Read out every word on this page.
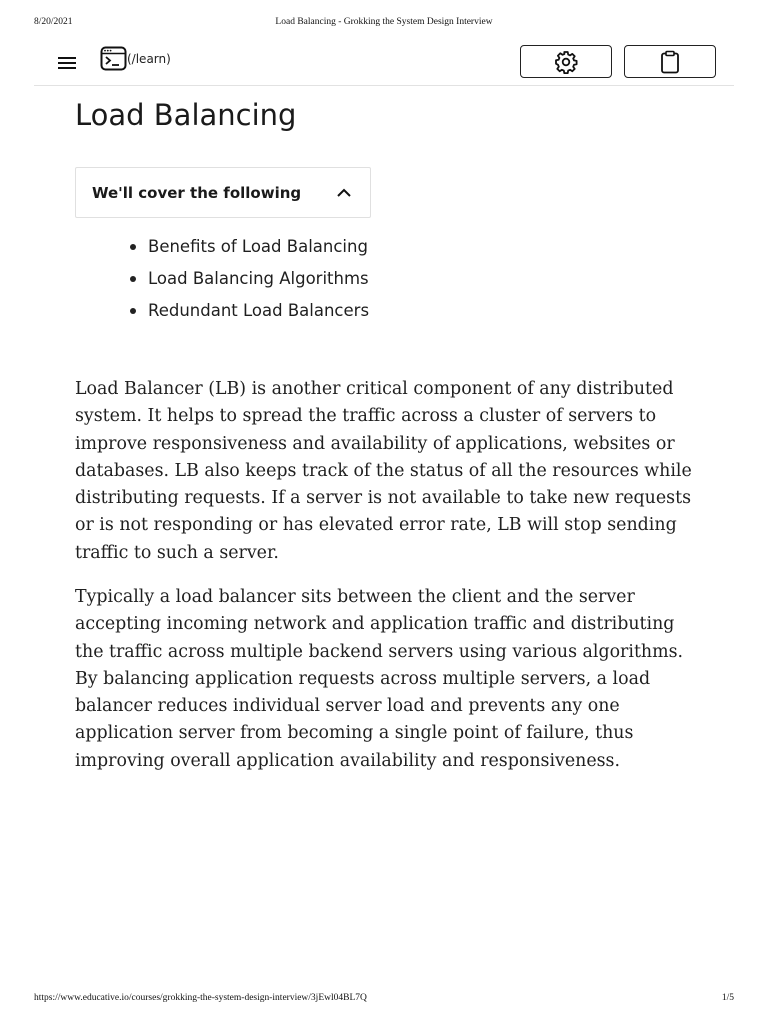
8/20/2021	Load Balancing - Grokking the System Design Interview
(/learn)
Load Balancing
We'll cover the following
Benefits of Load Balancing
Load Balancing Algorithms
Redundant Load Balancers

Load Balancer (LB) is another critical component of any distributed system. It helps to spread the traffic across a cluster of servers to improve responsiveness and availability of applications, websites or databases. LB also keeps track of the status of all the resources while distributing requests. If a server is not available to take new requests or is not responding or has elevated error rate, LB will stop sending traffic to such a server.

Typically a load balancer sits between the client and the server accepting incoming network and application traffic and distributing the traffic across multiple backend servers using various algorithms. By balancing application requests across multiple servers, a load balancer reduces individual server load and prevents any one application server from becoming a single point of failure, thus improving overall application availability and responsiveness.

https://www.educative.io/courses/grokking-the-system-design-interview/3jEwl04BL7Q	1/5
